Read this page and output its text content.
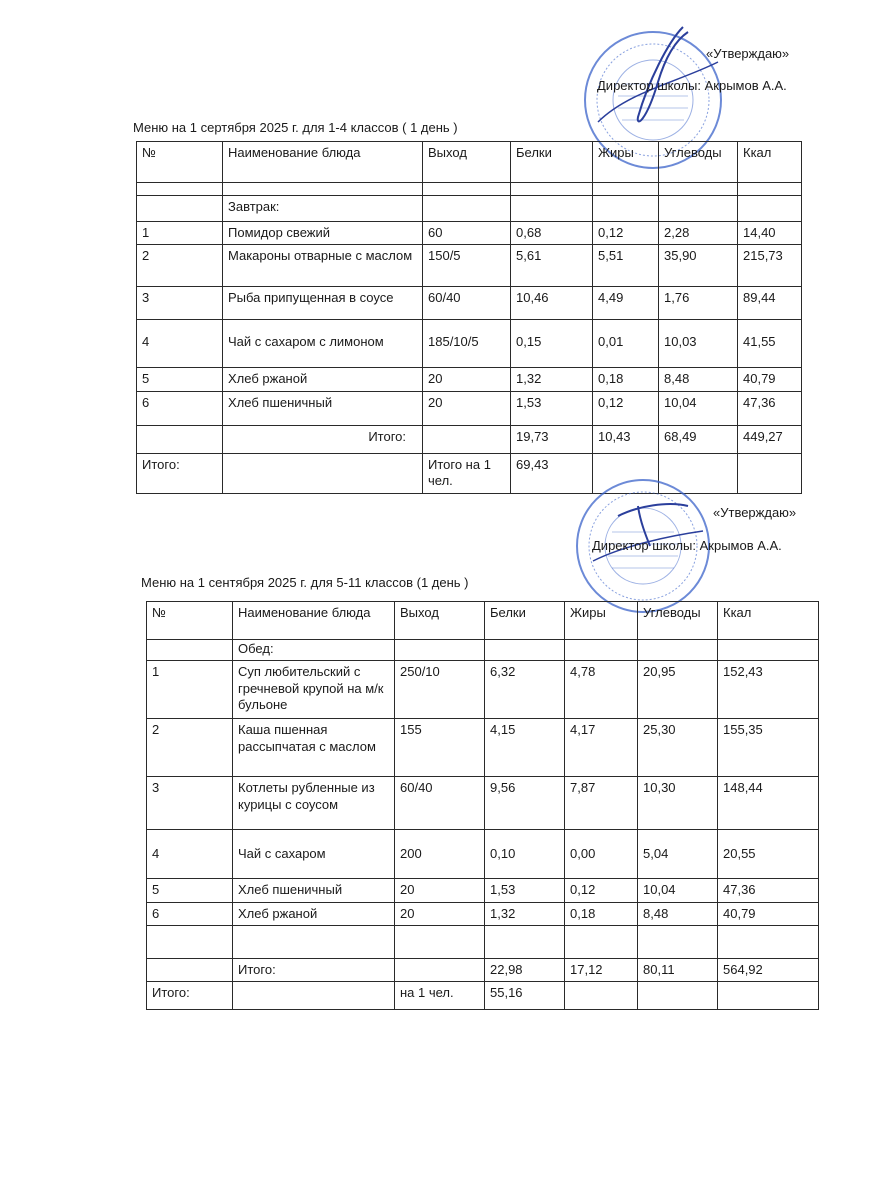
«Утверждаю»
Директор школы: Акрымов А.А.
Меню на 1 сертября 2025 г. для 1-4 классов ( 1 день )
№	Наименование блюда	Выход	Белки	Жиры	Углеводы	Ккал

	Завтрак:					
1	Помидор свежий	60	0,68	0,12	2,28	14,40
2	Макароны отварные с маслом	150/5	5,61	5,51	35,90	215,73
3	Рыба припущенная в соусе	60/40	10,46	4,49	1,76	89,44
4	Чай с сахаром с лимоном	185/10/5	0,15	0,01	10,03	41,55
5	Хлеб ржаной	20	1,32	0,18	8,48	40,79
6	Хлеб пшеничный	20	1,53	0,12	10,04	47,36
	Итого:		19,73	10,43	68,49	449,27
Итого:		Итого на 1 чел.	69,43			
«Утверждаю»
Директор школы: Акрымов А.А.
Меню на 1 сентября 2025 г. для 5-11 классов (1 день )
№	Наименование блюда	Выход	Белки	Жиры	Углеводы	Ккал
	Обед:					
1	Суп любительский с гречневой крупой на м/к бульоне	250/10	6,32	4,78	20,95	152,43
2	Каша пшенная рассыпчатая с маслом	155	4,15	4,17	25,30	155,35
3	Котлеты рубленные из курицы с соусом	60/40	9,56	7,87	10,30	148,44
4	Чай с сахаром	200	0,10	0,00	5,04	20,55
5	Хлеб пшеничный	20	1,53	0,12	10,04	47,36
6	Хлеб ржаной	20	1,32	0,18	8,48	40,79

	Итого:		22,98	17,12	80,11	564,92
Итого:		на 1 чел.	55,16			
